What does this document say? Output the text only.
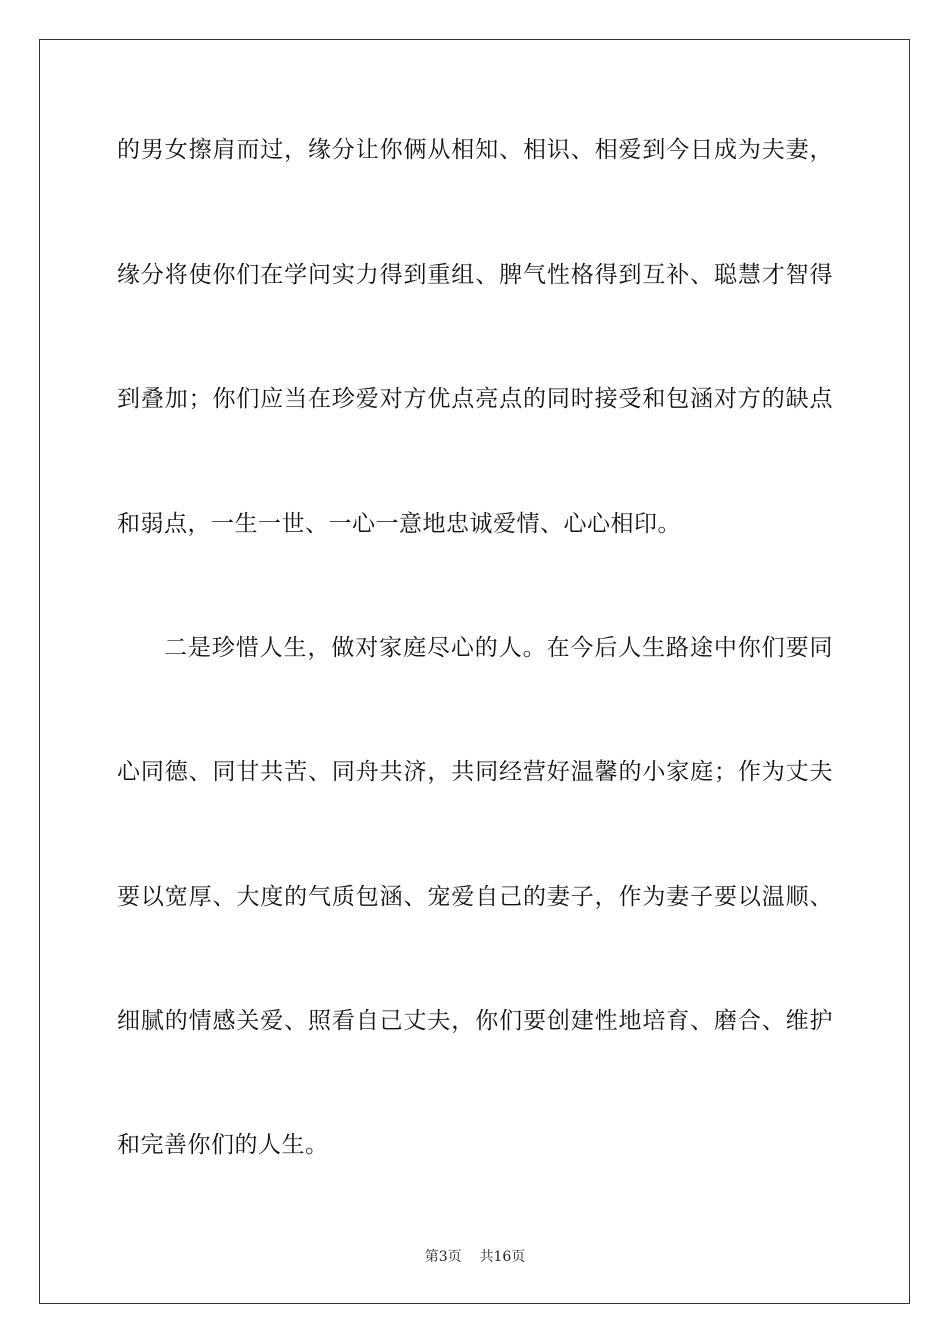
的男女擦肩而过，缘分让你俩从相知、相识、相爱到今日成为夫妻，
缘分将使你们在学问实力得到重组、脾气性格得到互补、聪慧才智得
到叠加；你们应当在珍爱对方优点亮点的同时接受和包涵对方的缺点
和弱点，一生一世、一心一意地忠诚爱情、心心相印。
二是珍惜人生，做对家庭尽心的人。在今后人生路途中你们要同
心同德、同甘共苦、同舟共济，共同经营好温馨的小家庭；作为丈夫
要以宽厚、大度的气质包涵、宠爱自己的妻子，作为妻子要以温顺、
细腻的情感关爱、照看自己丈夫，你们要创建性地培育、磨合、维护
和完善你们的人生。
第3页 共16页
